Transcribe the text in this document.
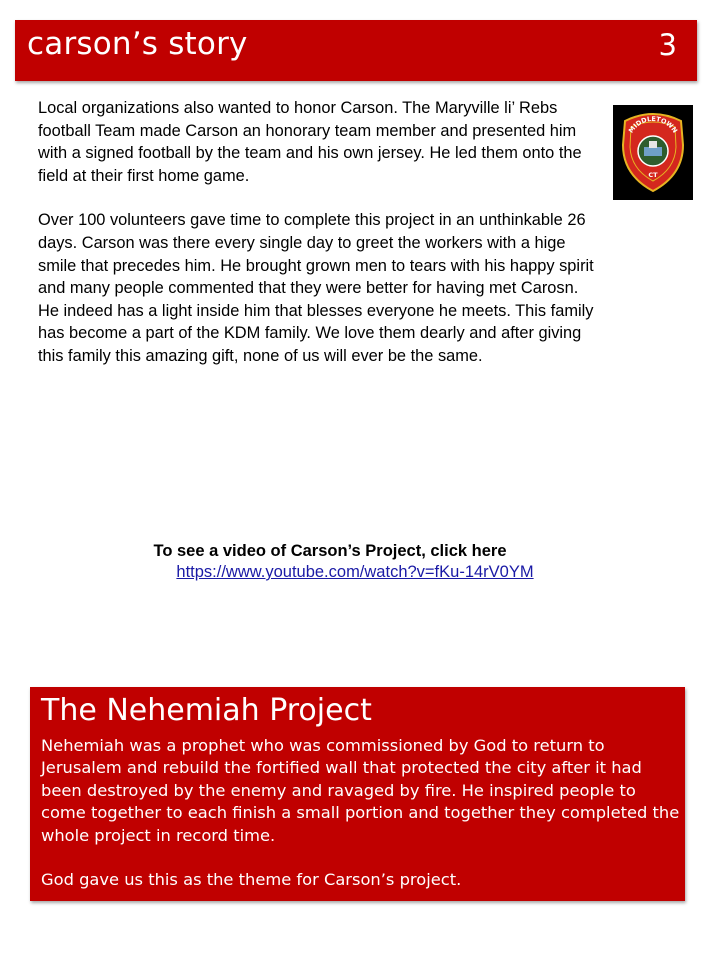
carson’s story	3

Local organizations also wanted to honor Carson. The Maryville li’ Rebs football Team made Carson an honorary team member and presented him with a signed football by the team and his own jersey. He led them onto the field at their first home game.

Over 100 volunteers gave time to complete this project in an unthinkable 26 days. Carson was there every single day to greet the workers with a hige smile that precedes him. He brought grown men to tears with his happy spirit and many people commented that they were better for having met Carosn. He indeed has a light inside him that blesses everyone he meets. This family has become a part of the KDM family. We love them dearly and after giving this family this amazing gift, none of us will ever be the same.

MIDDLETOWN
CT
To see a video of Carson’s Project, click here
https://www.youtube.com/watch?v=fKu-14rV0YM
The Nehemiah Project

Nehemiah was a prophet who was commissioned by God to return to Jerusalem and rebuild the fortified wall that protected the city after it had been destroyed by the enemy and ravaged by fire. He inspired people to come together to each finish a small portion and together they completed the whole project in record time.

God gave us this as the theme for Carson’s project.
